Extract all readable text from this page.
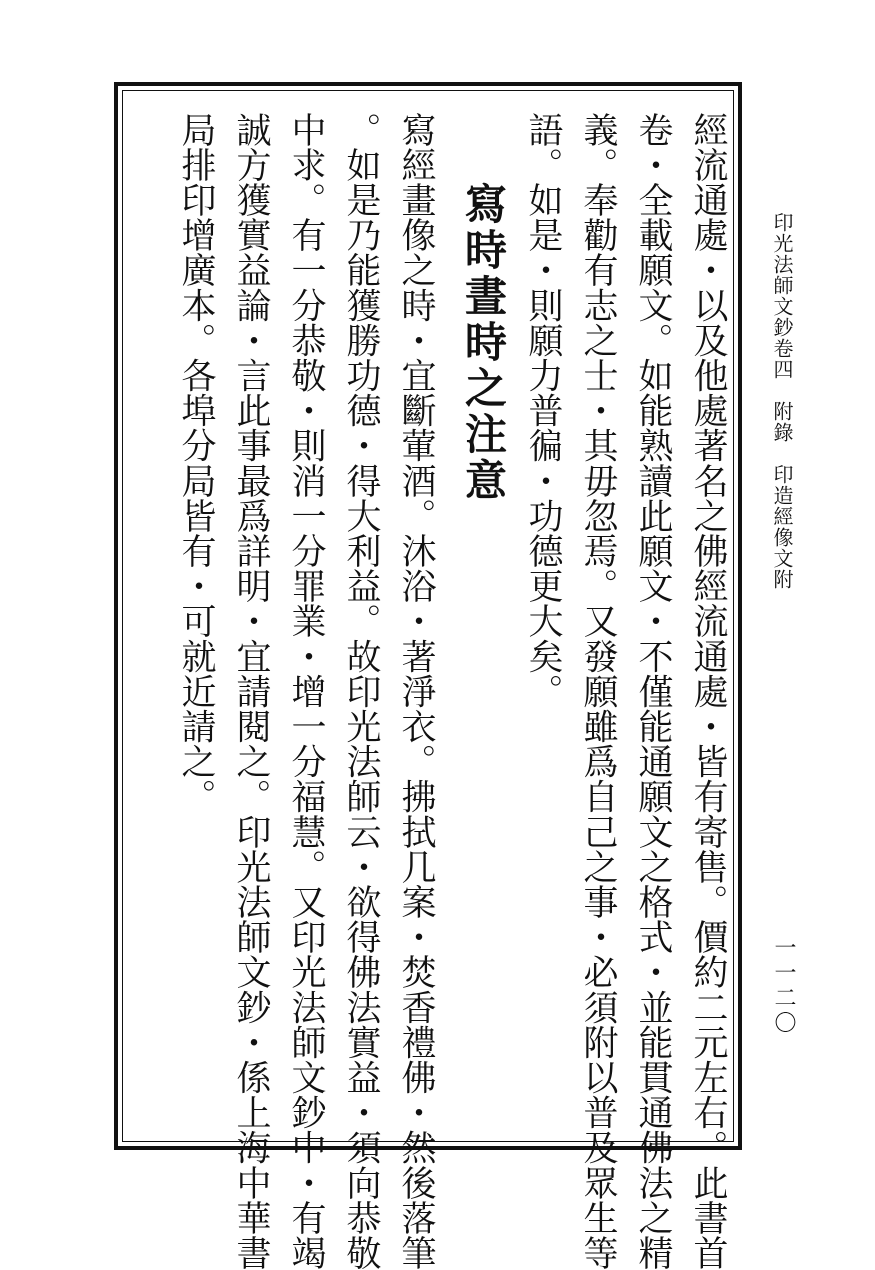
印光法師文鈔卷四　附錄　印造經像文附
一一二〇
經流通處・以及他處著名之佛經流通處・皆有寄售。價約二元左右。此書首
卷・全載願文。如能熟讀此願文・不僅能通願文之格式・並能貫通佛法之精
義。奉勸有志之士・其毋忽焉。又發願雖爲自己之事・必須附以普及眾生等
語。如是・則願力普徧・功德更大矣。
寫時晝時之注意
寫經畫像之時・宜斷葷酒。沐浴・著淨衣。拂拭几案・焚香禮佛・然後落筆
。如是乃能獲勝功德・得大利益。故印光法師云・欲得佛法實益・須向恭敬
中求。有一分恭敬・則消一分罪業・增一分福慧。又印光法師文鈔中・有竭
誠方獲實益論・言此事最爲詳明・宜請閱之。印光法師文鈔・係上海中華書
局排印增廣本。各埠分局皆有・可就近請之。
